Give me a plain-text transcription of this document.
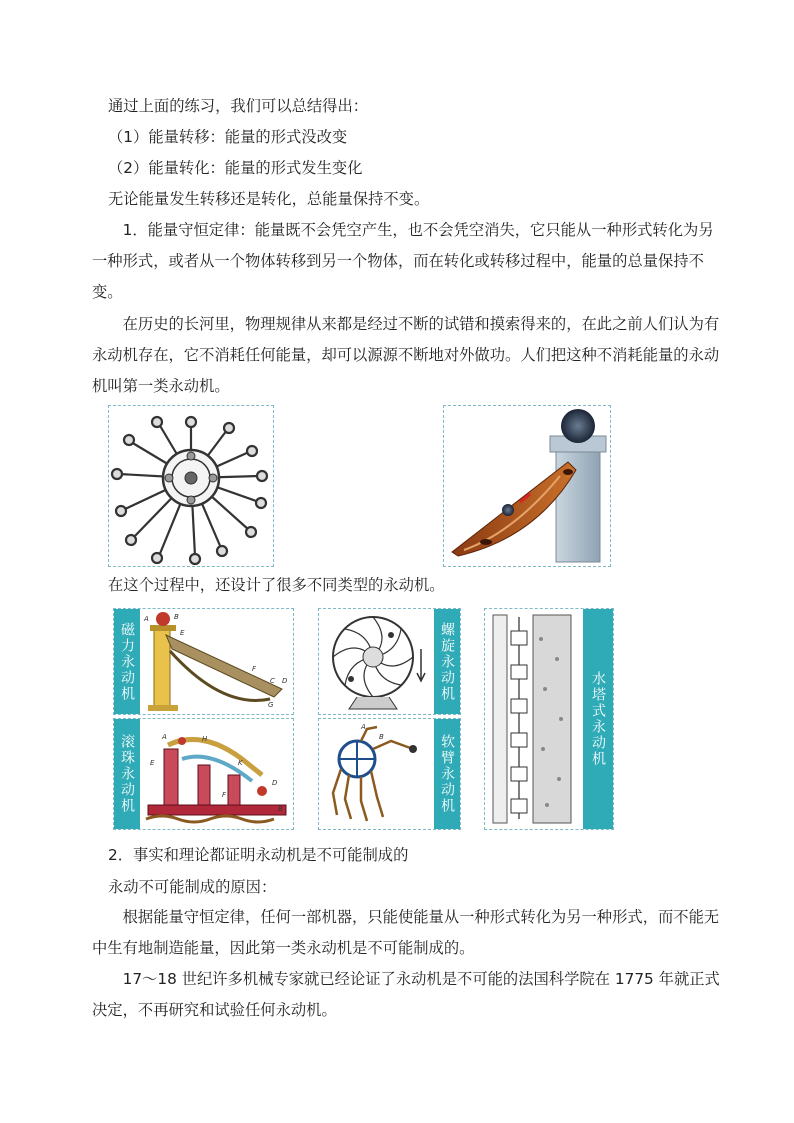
通过上面的练习，我们可以总结得出：
（1）能量转移：能量的形式没改变
（2）能量转化：能量的形式发生变化
无论能量发生转移还是转化，总能量保持不变。

1．能量守恒定律：能量既不会凭空产生，也不会凭空消失，它只能从一种形式转化为另一种形式，或者从一个物体转移到另一个物体，而在转化或转移过程中，能量的总量保持不变。

在历史的长河里，物理规律从来都是经过不断的试错和摸索得来的，在此之前人们认为有永动机存在，它不消耗任何能量，却可以源源不断地对外做功。人们把这种不消耗能量的永动机叫第一类永动机。

在这个过程中，还设计了很多不同类型的永动机。
磁力永动机
A	B
E
F
C D
G
螺旋永动机
水塔式永动机
滚珠永动机	A	H
E	K
D
F
B
A
B	软臂永动机
2．事实和理论都证明永动机是不可能制成的
永动不可能制成的原因：

根据能量守恒定律，任何一部机器，只能使能量从一种形式转化为另一种形式，而不能无中生有地制造能量，因此第一类永动机是不可能制成的。

17～18 世纪许多机械专家就已经论证了永动机是不可能的法国科学院在 1775 年就正式决定，不再研究和试验任何永动机。
